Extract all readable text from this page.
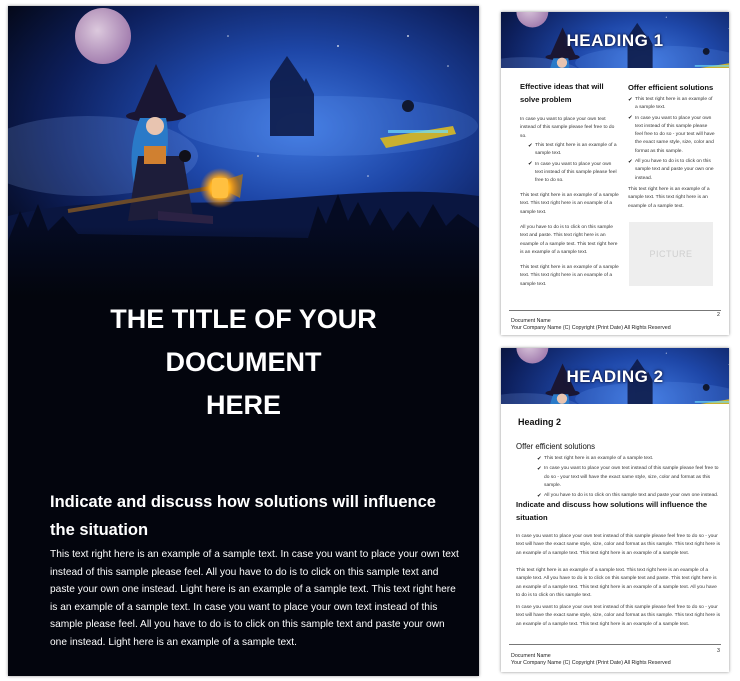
THE TITLE OF YOUR
DOCUMENT
HERE
Indicate and discuss how solutions will influence the situation

This text right here is an example of a sample text. In case you want to place your own text instead of this sample please feel. All you have to do is to click on this sample text and paste your own one instead. Light here is an example of a sample text. This text right here is an example of a sample text. In case you want to place your own text instead of this sample please feel. All you have to do is to click on this sample text and paste your own one instead. Light here is an example of a sample text.

HEADING 1
Effective ideas that will solve problem

In case you want to place your own text instead of this sample please feel free to do so.

✔ This text right here is an example of a sample text.
✔ In case you want to place your own text instead of this sample please feel free to do so.

This text right here is an example of a sample text. This text right here is an example of a sample text.

All you have to do is to click on this sample text and paste. This text right here is an example of a sample text. This text right here is an example of a sample text.

This text right here is an example of a sample text. This text right here is an example of a sample text.

Offer efficient solutions
✔ This text right here is an example of a sample text.
✔ In case you want to place your own text instead of this sample please feel free to do so - your text will have the exact same style, size, color and format as this sample.
✔ All you have to do is to click on this sample text and paste your own one instead.

This text right here is an example of a sample text. This text right here is an example of a sample text.

PICTURE

Document Name
Your Company Name (C) Copyright (Print Date) All Rights Reserved

2
HEADING 2
Heading 2
Offer efficient solutions
✔ This text right here is an example of a sample text.
✔ In case you want to place your own text instead of this sample please feel free to do so - your text will have the exact same style, size, color and format as this sample.
✔ All you have to do is to click on this sample text and paste your own one instead.
Indicate and discuss how solutions will influence the situation

In case you want to place your own text instead of this sample please feel free to do so - your text will have the exact same style, size, color and format as this sample. This text right here is an example of a sample text. This text right here is an example of a sample text.

This text right here is an example of a sample text. This text right here is an example of a sample text. All you have to do is to click on this sample text and paste. This text right here is an example of a sample text. This text right here is an example of a sample text. All you have to do is to click on this sample text.

In case you want to place your own text instead of this sample please feel free to do so - your text will have the exact same style, size, color and format as this sample. This text right here is an example of a sample text. This text right here is an example of a sample text.

Document Name
Your Company Name (C) Copyright (Print Date) All Rights Reserved

3
